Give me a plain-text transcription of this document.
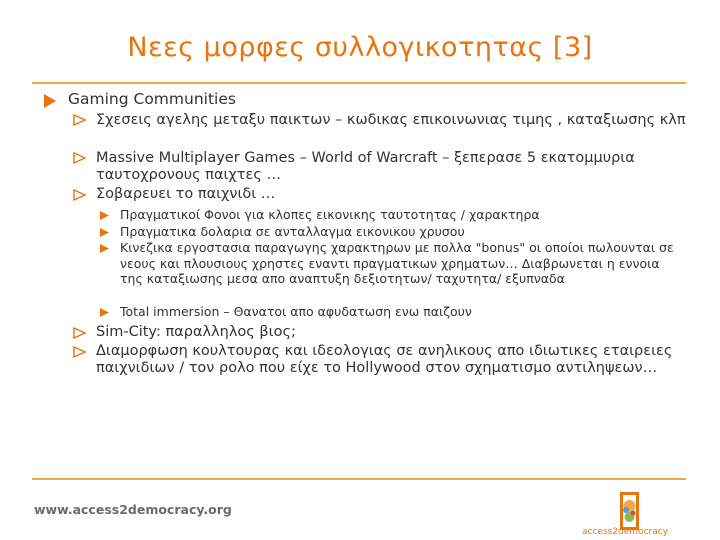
Νεες μορφες συλλογικοτητας [3]
Gaming Communities
Σχεσεις αγελης μεταξυ παικτων – κωδικας επικοινωνιας τιμης , καταξιωσης κλπ
Massive Multiplayer Games – World of Warcraft – ξεπερασε 5 εκατομμυρια ταυτοχρονους παιχτες …
Σοβαρευει το παιχνιδι …
Πραγματικοί Φονοι για κλοπες εικονικης ταυτοτητας / χαρακτηρα
Πραγματικα δολαρια σε ανταλλαγμα εικονικου χρυσου
Κινεζικα εργοστασια παραγωγης χαρακτηρων με πολλα "bonus" οι οποίοι πωλουνται σε νεους και πλουσιους χρηστες εναντι πραγματικων χρηματων… Διαβρωνεται η εννοια της καταξιωσης μεσα απο αναπτυξη δεξιοτητων/ ταχυτητα/ εξυπναδα
Total immersion – Θανατοι απο αφυδατωση ενω παιζουν
Sim-City: παραλληλος βιος;
Διαμορφωση κουλτουρας και ιδεολογιας σε ανηλικους απο ιδιωτικες εταιρειες παιχνιδιων / τον ρολο που είχε το Hollywood στον σχηματισμο αντιληψεων…
www.access2democracy.org
access2democracy
